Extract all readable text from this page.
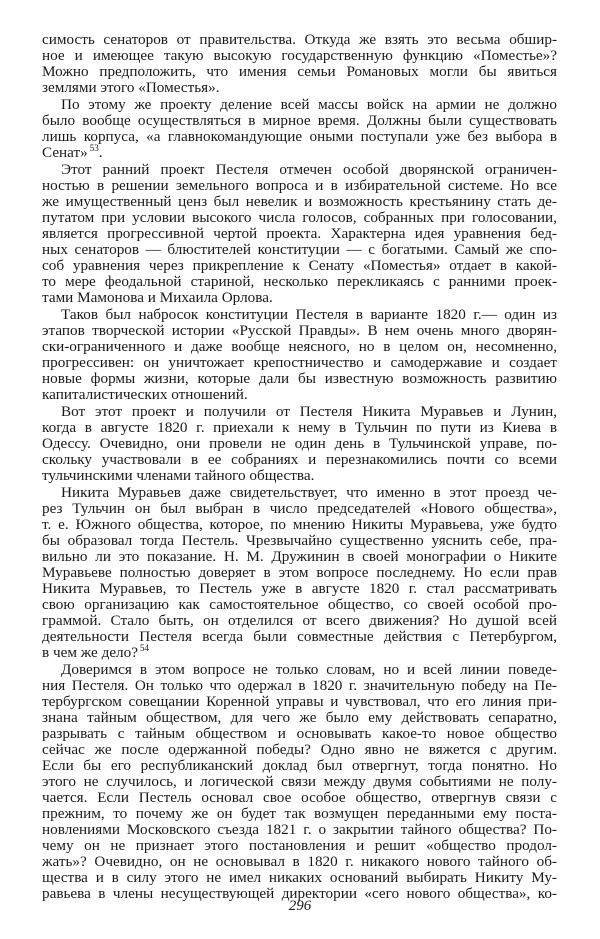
симость сенаторов от правительства. Откуда же взять это весьма обшир-
ное и имеющее такую высокую государственную функцию «Поместье»?
Можно предположить, что имения семьи Романовых могли бы явиться
землями этого «Поместья».
По этому же проекту деление всей массы войск на армии не должно
было вообще осуществляться в мирное время. Должны были существовать
лишь корпуса, «а главнокомандующие оными поступали уже без выбора в
Сенат» $^{53}$.
Этот ранний проект Пестеля отмечен особой дворянской ограничен-
ностью в решении земельного вопроса и в избирательной системе. Но все
же имущественный ценз был невелик и возможность крестьянину стать де-
путатом при условии высокого числа голосов, собранных при голосовании,
является прогрессивной чертой проекта. Характерна идея уравнения бед-
ных сенаторов — блюстителей конституции — с богатыми. Самый же спо-
соб уравнения через прикрепление к Сенату «Поместья» отдает в какой-
то мере феодальной стариной, несколько перекликаясь с ранними проек-
тами Мамонова и Михаила Орлова.
Таков был набросок конституции Пестеля в варианте 1820 г.— один из
этапов творческой истории «Русской Правды». В нем очень много дворян-
ски-ограниченного и даже вообще неясного, но в целом он, несомненно,
прогрессивен: он уничтожает крепостничество и самодержавие и создает
новые формы жизни, которые дали бы известную возможность развитию
капиталистических отношений.
Вот этот проект и получили от Пестеля Никита Муравьев и Лунин,
когда в августе 1820 г. приехали к нему в Тульчин по пути из Киева в
Одессу. Очевидно, они провели не один день в Тульчинской управе, по-
скольку участвовали в ее собраниях и перезнакомились почти со всеми
тульчинскими членами тайного общества.
Никита Муравьев даже свидетельствует, что именно в этот проезд че-
рез Тульчин он был выбран в число председателей «Нового общества»,
т. е. Южного общества, которое, по мнению Никиты Муравьева, уже будто
бы образовал тогда Пестель. Чрезвычайно существенно уяснить себе, пра-
вильно ли это показание. Н. М. Дружинин в своей монографии о Никите
Муравьеве полностью доверяет в этом вопросе последнему. Но если прав
Никита Муравьев, то Пестель уже в августе 1820 г. стал рассматривать
свою организацию как самостоятельное общество, со своей особой про-
граммой. Стало быть, он отделился от всего движения? Но душой всей
деятельности Пестеля всегда были совместные действия с Петербургом,
в чем же дело? $^{54}$
Доверимся в этом вопросе не только словам, но и всей линии поведе-
ния Пестеля. Он только что одержал в 1820 г. значительную победу на Пе-
тербургском совещании Коренной управы и чувствовал, что его линия при-
знана тайным обществом, для чего же было ему действовать сепаратно,
разрывать с тайным обществом и основывать какое-то новое общество
сейчас же после одержанной победы? Одно явно не вяжется с другим.
Если бы его республиканский доклад был отвергнут, тогда понятно. Но
этого не случилось, и логической связи между двумя событиями не полу-
чается. Если Пестель основал свое особое общество, отвергнув связи с
прежним, то почему же он будет так возмущен переданными ему поста-
новлениями Московского съезда 1821 г. о закрытии тайного общества? По-
чему он не признает этого постановления и решит «общество продол-
жать»? Очевидно, он не основывал в 1820 г. никакого нового тайного об-
щества и в силу этого не имел никаких оснований выбирать Никиту Му-
равьева в члены несуществующей директории «сего нового общества», ко-
296
